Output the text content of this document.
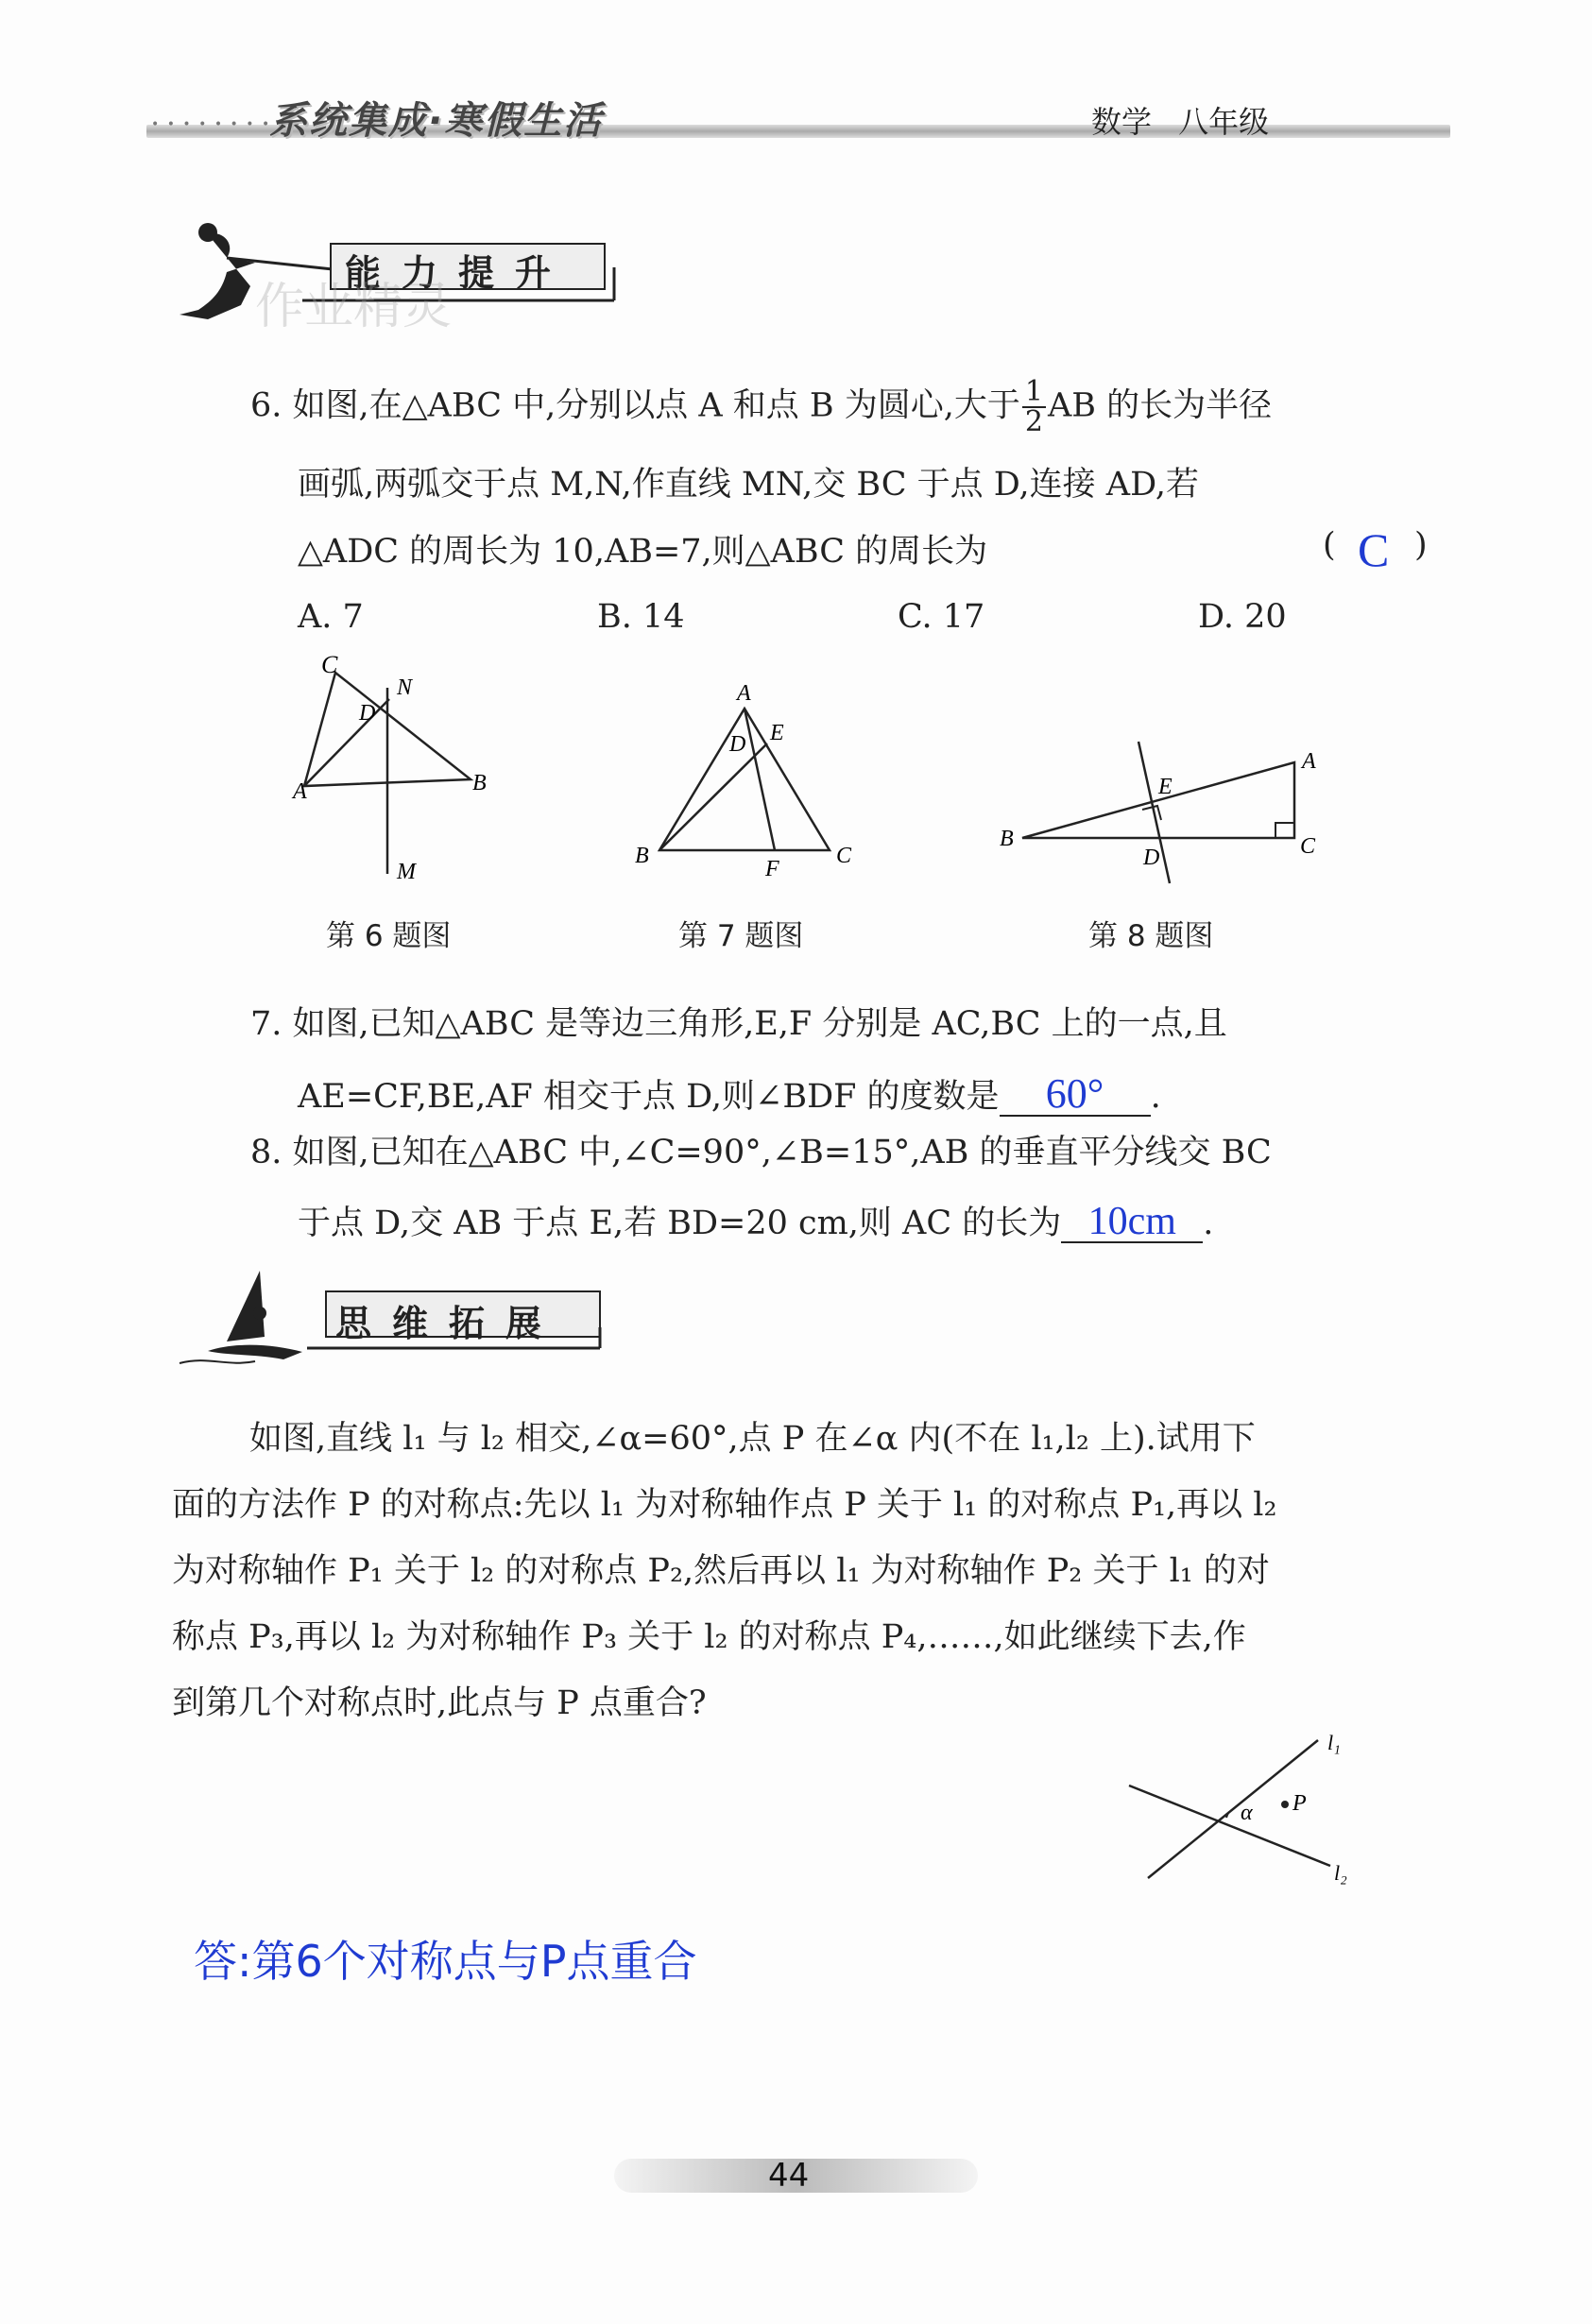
• • • • • • • • • •
系统集成·寒假生活	数学 八年级
能力提升
作业精灵
6. 如图,在△ABC 中,分别以点 A 和点 B 为圆心,大于 $\frac{1}{2}$ AB 的长为半径
画弧,两弧交于点 M,N,作直线 MN,交 BC 于点 D,连接 AD,若
△ADC 的周长为 10,AB=7,则△ABC 的周长为	( C )
A. 7	B. 14	C. 17	D. 20
C
N
D
A	B
M
A
E
D
B
F
C
A
E
B
D	C
第 6 题图	第 7 题图	第 8 题图
7. 如图,已知△ABC 是等边三角形,E,F 分别是 AC,BC 上的一点,且
AE=CF,BE,AF 相交于点 D,则∠BDF 的度数是 60° .
8. 如图,已知在△ABC 中,∠C=90°,∠B=15°,AB 的垂直平分线交 BC
于点 D,交 AB 于点 E,若 BD=20 cm,则 AC 的长为 10cm .
思维拓展
如图,直线 l₁ 与 l₂ 相交,∠α=60°,点 P 在∠α 内(不在 l₁,l₂ 上).试用下
面的方法作 P 的对称点:先以 l₁ 为对称轴作点 P 关于 l₁ 的对称点 P₁,再以 l₂
为对称轴作 P₁ 关于 l₂ 的对称点 P₂,然后再以 l₁ 为对称轴作 P₂ 关于 l₁ 的对
称点 P₃,再以 l₂ 为对称轴作 P₃ 关于 l₂ 的对称点 P₄,……,如此继续下去,作
到第几个对称点时,此点与 P 点重合?
l₁
α P
l₂
答:第6个对称点与P点重合
44
